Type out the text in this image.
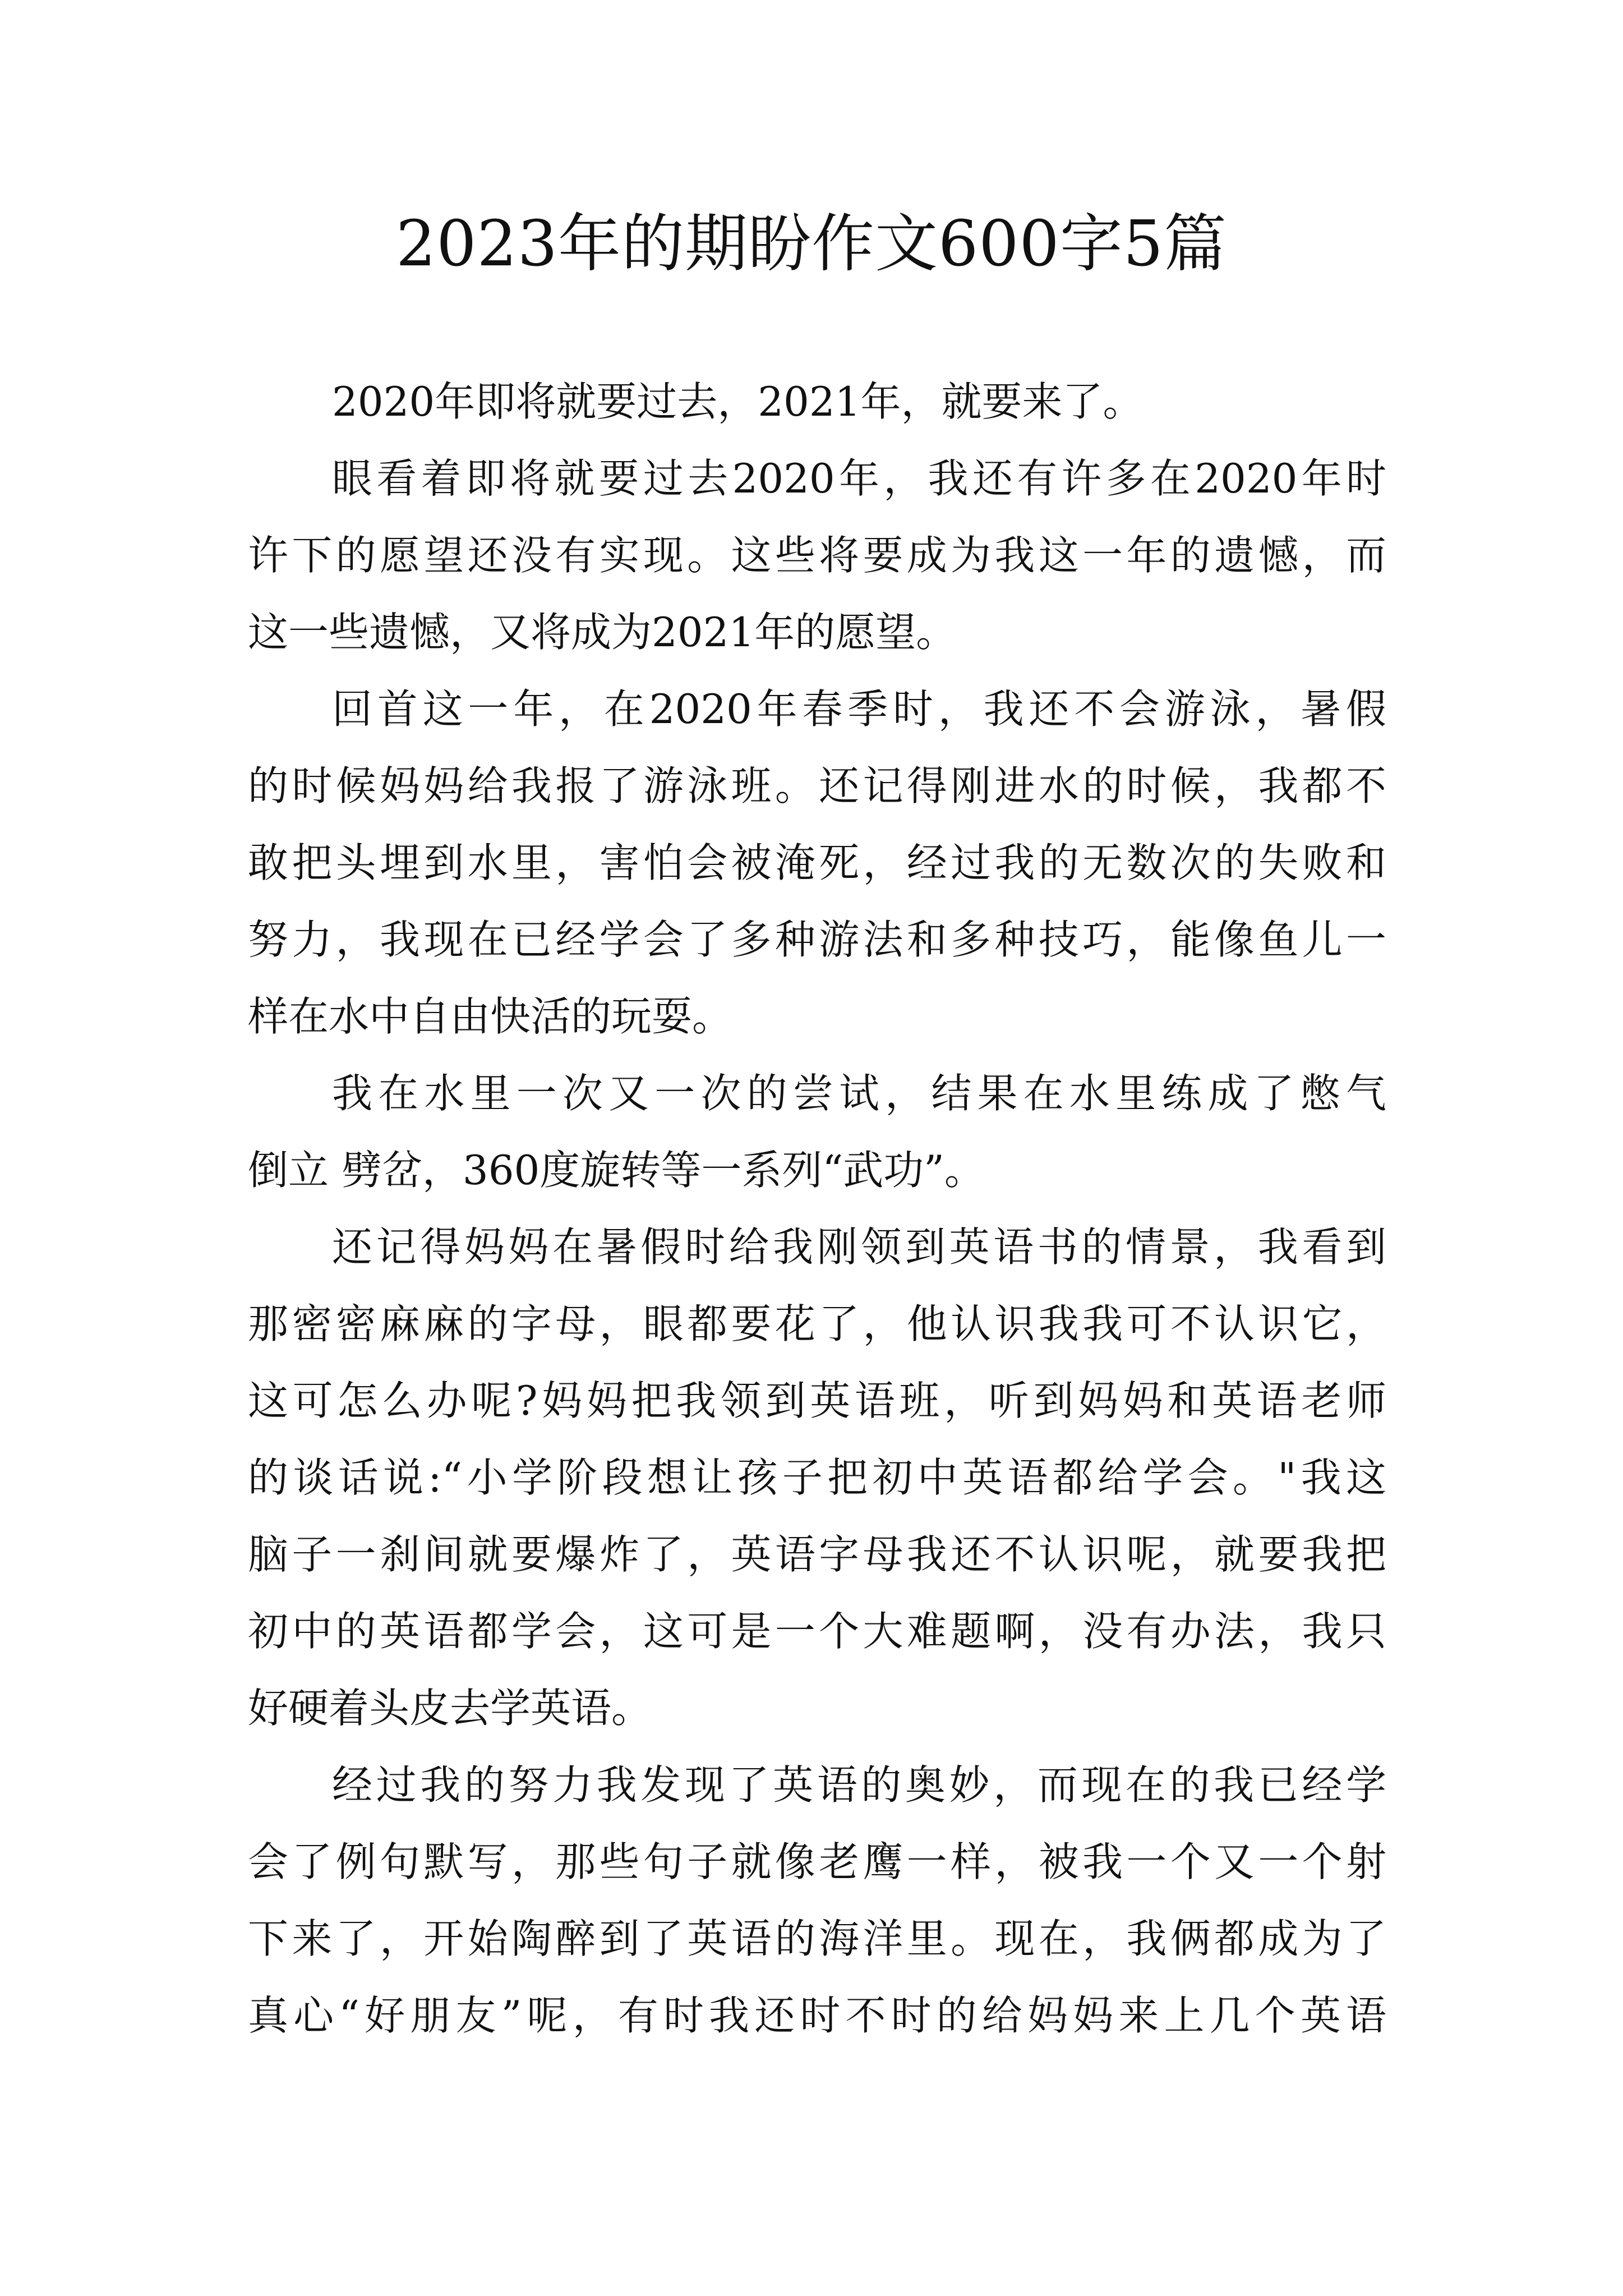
2023年的期盼作文600字5篇
2020年即将就要过去，2021年，就要来了。
眼看着即将就要过去2020年，我还有许多在2020年时
许下的愿望还没有实现。这些将要成为我这一年的遗憾，而
这一些遗憾，又将成为2021年的愿望。
回首这一年，在2020年春季时，我还不会游泳，暑假
的时候妈妈给我报了游泳班。还记得刚进水的时候，我都不
敢把头埋到水里，害怕会被淹死，经过我的无数次的失败和
努力，我现在已经学会了多种游法和多种技巧，能像鱼儿一
样在水中自由快活的玩耍。
我在水里一次又一次的尝试，结果在水里练成了憋气
倒立 劈岔，360度旋转等一系列“武功”。
还记得妈妈在暑假时给我刚领到英语书的情景，我看到
那密密麻麻的字母，眼都要花了，他认识我我可不认识它，
这可怎么办呢?妈妈把我领到英语班，听到妈妈和英语老师
的谈话说:“小学阶段想让孩子把初中英语都给学会。"我这
脑子一刹间就要爆炸了，英语字母我还不认识呢，就要我把
初中的英语都学会，这可是一个大难题啊，没有办法，我只
好硬着头皮去学英语。
经过我的努力我发现了英语的奥妙，而现在的我已经学
会了例句默写，那些句子就像老鹰一样，被我一个又一个射
下来了，开始陶醉到了英语的海洋里。现在，我俩都成为了
真心“好朋友”呢，有时我还时不时的给妈妈来上几个英语
